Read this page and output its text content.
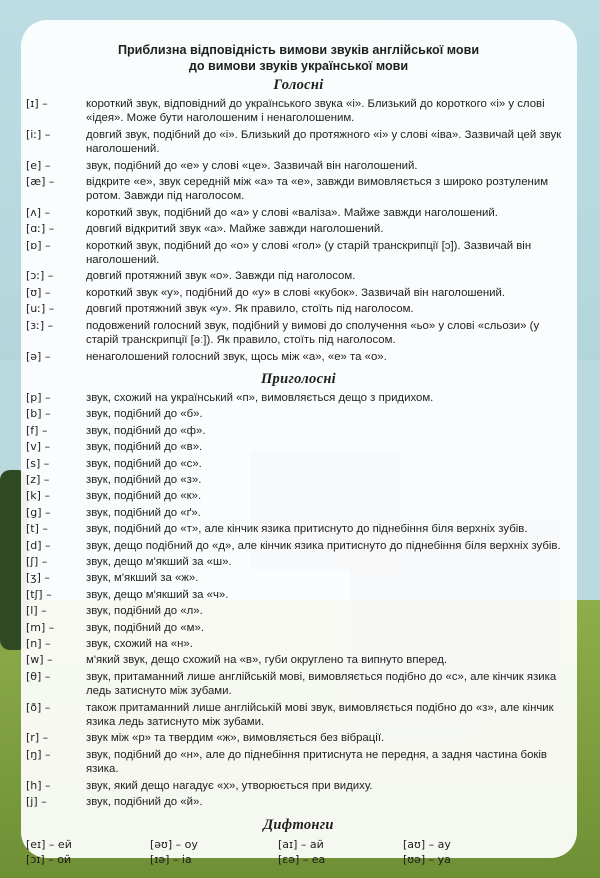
Приблизна відповідність вимови звуків англійської мови
до вимови звуків української мови
Голосні
[ɪ] –	короткий звук, відповідний до українського звука «і». Близький до короткого «і» у слові «ідея». Може бути наголошеним і ненаголошеним.
[iː] –	довгий звук, подібний до «і». Близький до протяжного «і» у слові «іва». Зазвичай цей звук наголошений.
[e] –	звук, подібний до «е» у слові «це». Зазвичай він наголошений.
[æ] –	відкрите «е», звук середній між «а» та «е», завжди вимовляється з широко розтуленим ротом. Завжди під наголосом.
[ʌ] –	короткий звук, подібний до «а» у слові «валіза». Майже завжди наголошений.
[ɑː] –	довгий відкритий звук «а». Майже завжди наголошений.
[ɒ] –	короткий звук, подібний до «о» у слові «гол» (у старій транскрипції [ɔ]). Зазвичай він наголошений.
[ɔː] –	довгий протяжний звук «о». Завжди під наголосом.
[ʊ] –	короткий звук «у», подібний до «у» в слові «кубок». Зазвичай він наголошений.
[uː] –	довгий протяжний звук «у». Як правило, стоїть під наголосом.
[ɜː] –	подовжений голосний звук, подібний у вимові до сполучення «ьо» у слові «сльози» (у старій транскрипції [əː]). Як правило, стоїть під наголосом.
[ə] –	ненаголошений голосний звук, щось між «а», «е» та «о».
Приголосні
[p] –	звук, схожий на український «п», вимовляється дещо з придихом.
[b] –	звук, подібний до «б».
[f] –	звук, подібний до «ф».
[v] –	звук, подібний до «в».
[s] –	звук, подібний до «с».
[z] –	звук, подібний до «з».
[k] –	звук, подібний до «к».
[g] –	звук, подібний до «ґ».
[t] –	звук, подібний до «т», але кінчик язика притиснуто до піднебіння біля верхніх зубів.
[d] –	звук, дещо подібний до «д», але кінчик язика притиснуто до піднебіння біля верхніх зубів.
[ʃ] –	звук, дещо м'якший за «ш».
[ʒ] –	звук, м'якший за «ж».
[tʃ] –	звук, дещо м'якший за «ч».
[l] –	звук, подібний до «л».
[m] –	звук, подібний до «м».
[n] –	звук, схожий на «н».
[w] –	м'який звук, дещо схожий на «в», губи округлено та випнуто вперед.
[θ] –	звук, притаманний лише англійській мові, вимовляється подібно до «с», але кінчик язика ледь затиснуто між зубами.
[ð] –	також притаманний лише англійській мові звук, вимовляється подібно до «з», але кінчик язика ледь затиснуто між зубами.
[r] –	звук між «р» та твердим «ж», вимовляється без вібрації.
[ŋ] –	звук, подібний до «н», але до піднебіння притиснута не передня, а задня частина боків язика.
[h] –	звук, який дещо нагадує «х», утворюється при видиху.
[j] –	звук, подібний до «й».
Дифтонги
[eɪ] – ей	[əʊ] – оу	[aɪ] – ай	[aʊ] – ау
[ɔɪ] – ой	[ɪə] – іа	[ɛə] – еа	[ʊə] – уа
